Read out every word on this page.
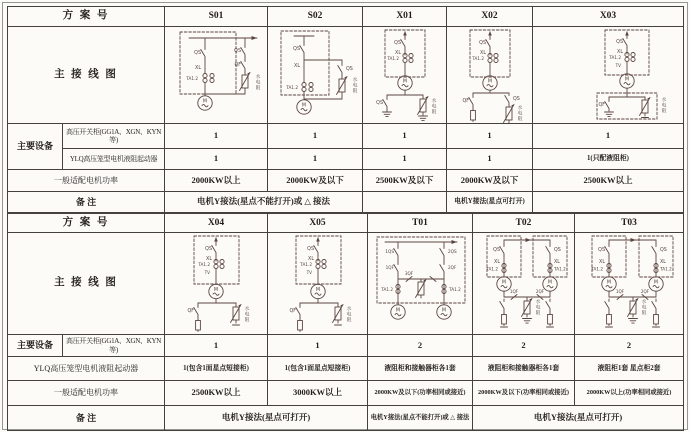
方 案 号		S01	S02	X01	X02	X03
主 接 线 图	
QS
XL
TA1.2
M
QS
QF
水电阻

QS
XL
TA1.2
M
QS
水电阻

QS
XL
TA1.2
M
QS	水电阻

QS
XL
TA1.2
M
QF	QS
水电阻

QS
XL
TA1.2
TV
M
QF	水电阻

主要设备	高压开关柜(GG1A、XGN、KYN等)	1	1	1	1	1
	YLQ高压笼型电机液阻起动器	1	1	1	1	1(只配液阻柜)
一般适配电机功率		2000KW以上	2000KW及以下	2500KW及以下	2000KW及以下	2500KW以上
备 注		电机Y接法(星点不能打开)或 △ 接法			电机Y接法(星点可打开)	
方 案 号		X04	X05	T01	T02	T03
主 接 线 图	
QS
XL
TA1.2
TV
M
QF	水电阻

QS
XL
TA1.2
TV
M
QF	水电阻

1QS
1QF
TA1.2
M
2QS
2QF
TA1.2
M
3QF

QS
XL
TA1.2
M
QS
XL
TA1.2
M
1QF	2QF
水电阻

QS
XL
TA1.2
M
QS
XL
TA1.2
M
1QF	2QF
水电阻

主要设备	高压开关柜(GG1A、XGN、KYN等)	1	1	2	2	2
YLQ高压笼型电机液阻起动器		1(包含1面星点短接柜)	1(包含1面星点短接柜)	液阻柜和接触器柜各1套	液阻柜和接触器柜各1套	液阻柜1套 星点柜2套
一般适配电机功率		2500KW以上	3000KW以上	2000KW及以下(功率相同或接近)	2000KW及以下(功率相同或接近)	2000KW以上(功率相同或接近)
备 注		电机Y接法(星点可打开)		电机Y接法(星点不能打开)或 △ 接法	电机Y接法(星点可打开)	
